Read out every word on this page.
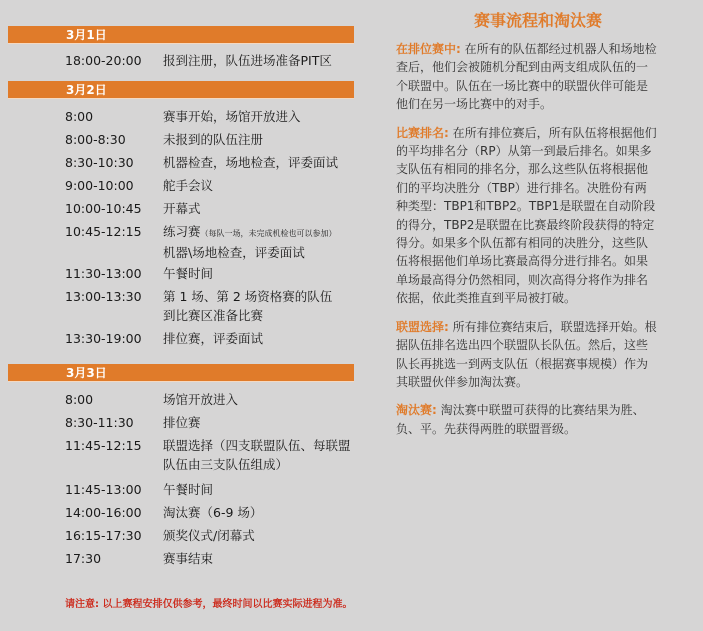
3月1日
18:00-20:00	报到注册，队伍进场准备PIT区
3月2日
8:00	赛事开始，场馆开放进入
8:00-8:30	未报到的队伍注册
8:30-10:30	机器检查，场地检查，评委面试
9:00-10:00	舵手会议
10:00-10:45	开幕式
10:45-12:15	练习赛（每队一场，未完成机检也可以参加）
机器\场地检查，评委面试
11:30-13:00	午餐时间
13:00-13:30	第 1 场、第 2 场资格赛的队伍
到比赛区准备比赛
13:30-19:00	排位赛，评委面试
3月3日
8:00	场馆开放进入
8:30-11:30	排位赛
11:45-12:15	联盟选择（四支联盟队伍、每联盟
队伍由三支队伍组成）
11:45-13:00	午餐时间
14:00-16:00	淘汰赛（6-9 场）
16:15-17:30	颁奖仪式/闭幕式
17:30	赛事结束
请注意: 以上赛程安排仅供参考，最终时间以比赛实际进程为准。
赛事流程和淘汰赛

在排位赛中: 在所有的队伍都经过机器人和场地检查后，他们会被随机分配到由两支组成队伍的一个联盟中。队伍在一场比赛中的联盟伙伴可能是他们在另一场比赛中的对手。

比赛排名: 在所有排位赛后，所有队伍将根据他们的平均排名分（RP）从第一到最后排名。如果多支队伍有相同的排名分，那么这些队伍将根据他们的平均决胜分（TBP）进行排名。决胜份有两种类型：TBP1和TBP2。TBP1是联盟在自动阶段的得分，TBP2是联盟在比赛最终阶段获得的特定得分。如果多个队伍都有相同的决胜分，这些队伍将根据他们单场比赛最高得分进行排名。如果单场最高得分仍然相同，则次高得分将作为排名依据，依此类推直到平局被打破。

联盟选择: 所有排位赛结束后，联盟选择开始。根据队伍排名选出四个联盟队长队伍。然后，这些队长再挑选一到两支队伍（根据赛事规模）作为其联盟伙伴参加淘汰赛。

淘汰赛: 淘汰赛中联盟可获得的比赛结果为胜、负、平。先获得两胜的联盟晋级。
